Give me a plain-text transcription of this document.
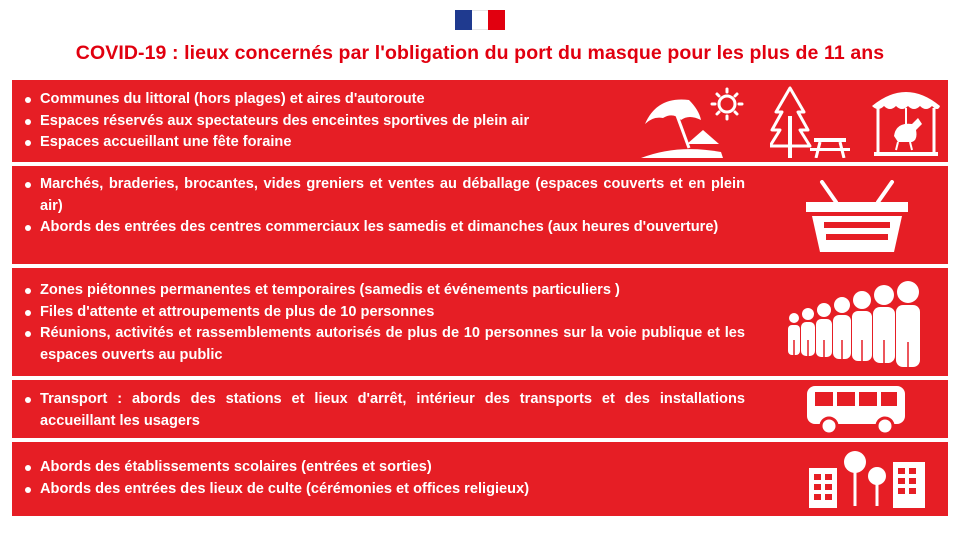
COVID-19 : lieux concernés par l'obligation du port du masque pour les plus de 11 ans
Communes du littoral (hors plages) et aires d'autoroute
Espaces réservés aux spectateurs des enceintes sportives de plein air
Espaces accueillant une fête foraine
Marchés, braderies, brocantes, vides greniers et ventes au déballage (espaces couverts et en plein air)
Abords des entrées des centres commerciaux les samedis et dimanches (aux heures d'ouverture)
Zones piétonnes permanentes et temporaires (samedis et événements particuliers )
Files d'attente et attroupements de plus de 10 personnes
Réunions, activités et rassemblements autorisés de plus de 10 personnes sur la voie publique et les espaces ouverts au public
Transport : abords des stations et lieux d'arrêt, intérieur des transports et des installations accueillant les usagers
Abords des établissements scolaires (entrées et sorties)
Abords des entrées des lieux de culte (cérémonies et offices religieux)
